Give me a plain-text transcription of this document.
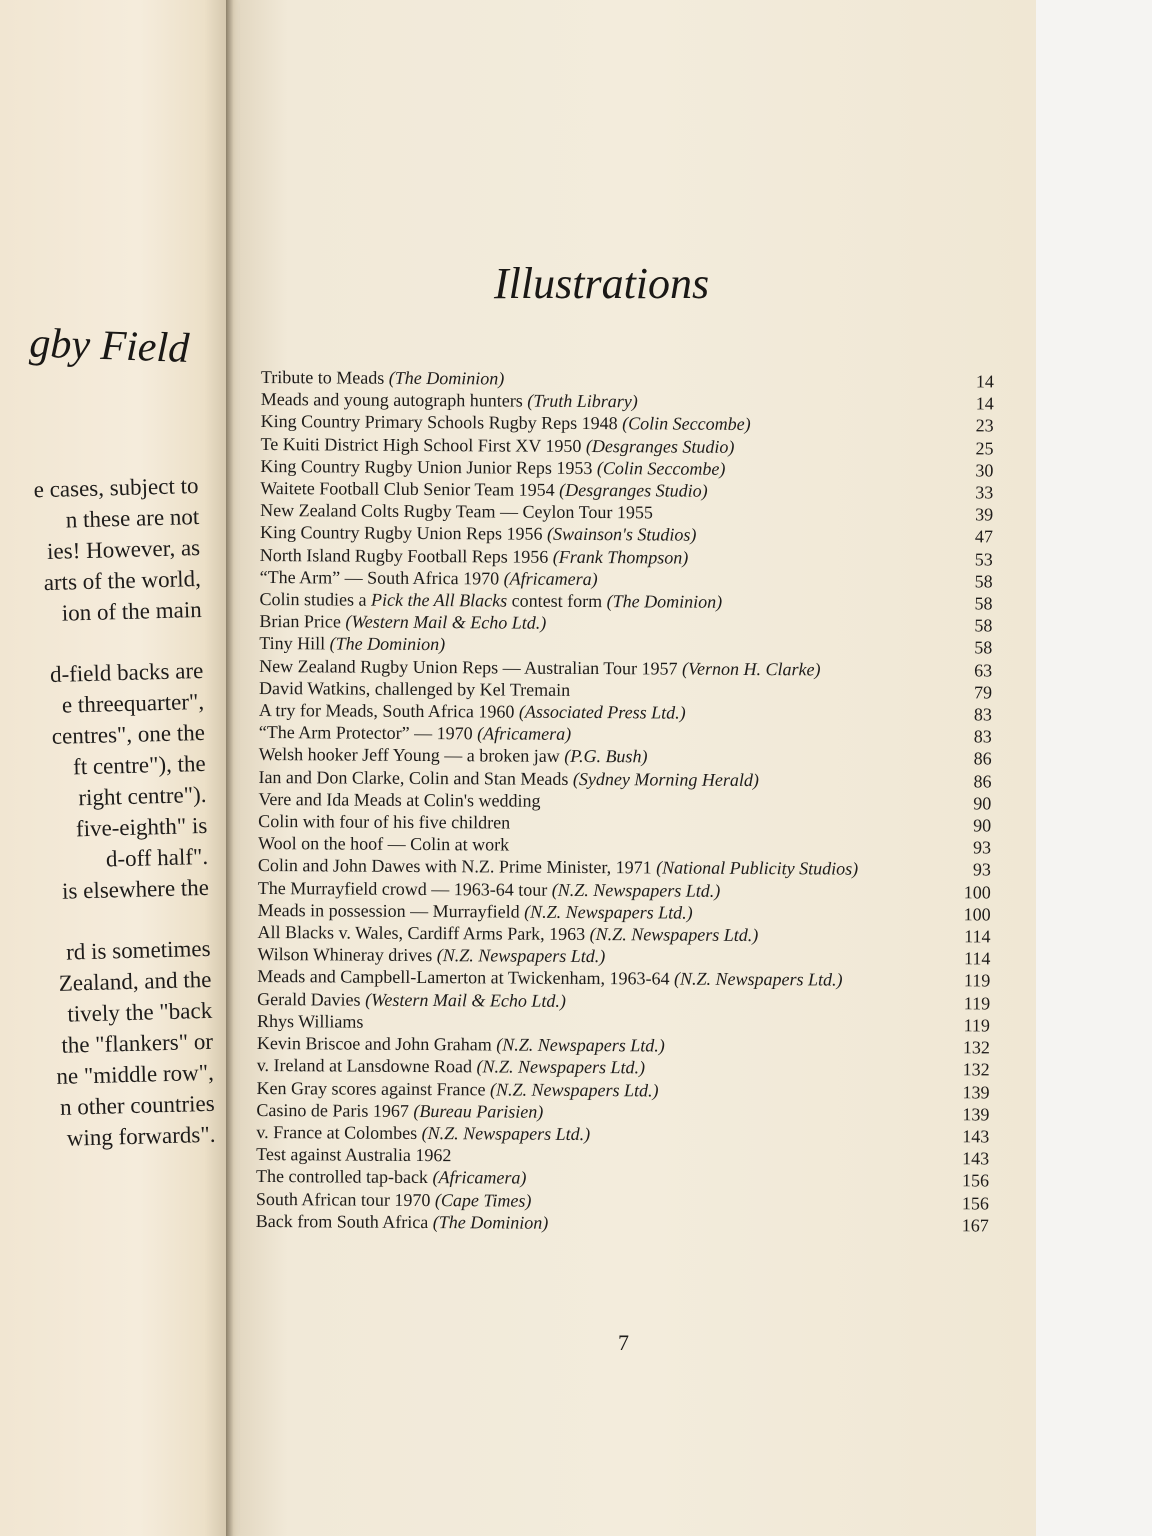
gby Field
e cases, subject to
n these are not
ies! However, as
arts of the world,
ion of the main
d-field backs are
e threequarter",
centres", one the
ft centre"), the
right centre").
five-eighth" is
d-off half".
is elsewhere the
rd is sometimes
Zealand, and the
tively the "back
the "flankers" or
ne "middle row",
n other countries
wing forwards".
Illustrations
Tribute to Meads (The Dominion)	14
Meads and young autograph hunters (Truth Library)	14
King Country Primary Schools Rugby Reps 1948 (Colin Seccombe)	23
Te Kuiti District High School First XV 1950 (Desgranges Studio)	25
King Country Rugby Union Junior Reps 1953 (Colin Seccombe)	30
Waitete Football Club Senior Team 1954 (Desgranges Studio)	33
New Zealand Colts Rugby Team — Ceylon Tour 1955	39
King Country Rugby Union Reps 1956 (Swainson's Studios)	47
North Island Rugby Football Reps 1956 (Frank Thompson)	53
“The Arm” — South Africa 1970 (Africamera)	58
Colin studies a Pick the All Blacks contest form (The Dominion)	58
Brian Price (Western Mail & Echo Ltd.)	58
Tiny Hill (The Dominion)	58
New Zealand Rugby Union Reps — Australian Tour 1957 (Vernon H. Clarke)	63
David Watkins, challenged by Kel Tremain	79
A try for Meads, South Africa 1960 (Associated Press Ltd.)	83
“The Arm Protector” — 1970 (Africamera)	83
Welsh hooker Jeff Young — a broken jaw (P.G. Bush)	86
Ian and Don Clarke, Colin and Stan Meads (Sydney Morning Herald)	86
Vere and Ida Meads at Colin's wedding	90
Colin with four of his five children	90
Wool on the hoof — Colin at work	93
Colin and John Dawes with N.Z. Prime Minister, 1971 (National Publicity Studios)	93
The Murrayfield crowd — 1963-64 tour (N.Z. Newspapers Ltd.)	100
Meads in possession — Murrayfield (N.Z. Newspapers Ltd.)	100
All Blacks v. Wales, Cardiff Arms Park, 1963 (N.Z. Newspapers Ltd.)	114
Wilson Whineray drives (N.Z. Newspapers Ltd.)	114
Meads and Campbell-Lamerton at Twickenham, 1963-64 (N.Z. Newspapers Ltd.)	119
Gerald Davies (Western Mail & Echo Ltd.)	119
Rhys Williams	119
Kevin Briscoe and John Graham (N.Z. Newspapers Ltd.)	132
v. Ireland at Lansdowne Road (N.Z. Newspapers Ltd.)	132
Ken Gray scores against France (N.Z. Newspapers Ltd.)	139
Casino de Paris 1967 (Bureau Parisien)	139
v. France at Colombes (N.Z. Newspapers Ltd.)	143
Test against Australia 1962	143
The controlled tap-back (Africamera)	156
South African tour 1970 (Cape Times)	156
Back from South Africa (The Dominion)	167
7
